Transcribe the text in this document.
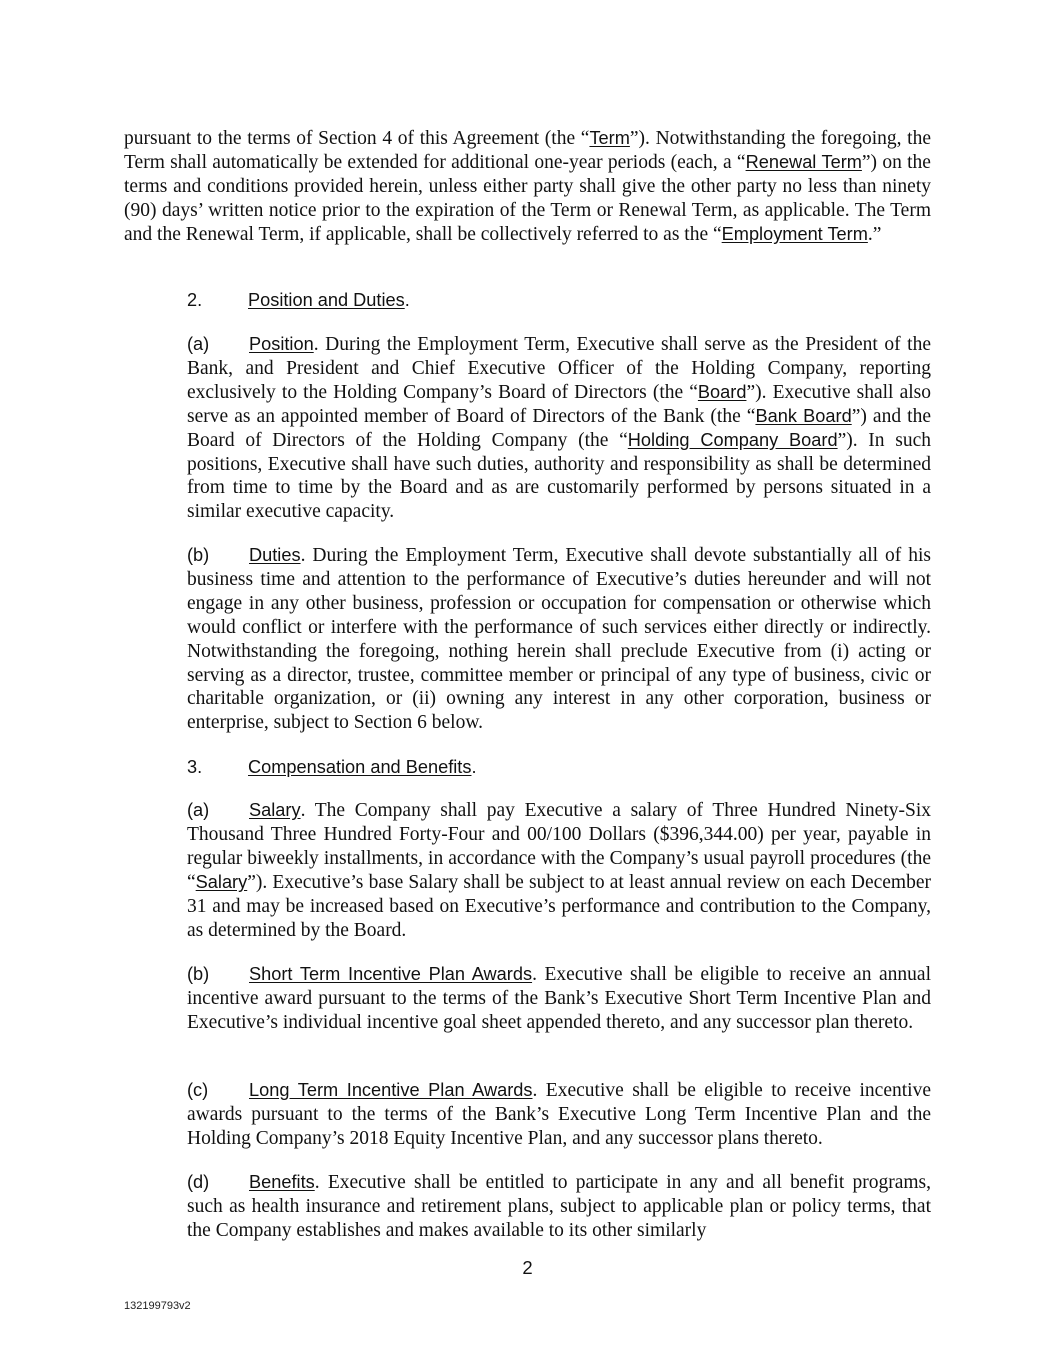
pursuant to the terms of Section 4 of this Agreement (the “Term”). Notwithstanding the foregoing, the Term shall automatically be extended for additional one-year periods (each, a “Renewal Term”) on the terms and conditions provided herein, unless either party shall give the other party no less than ninety (90) days’ written notice prior to the expiration of the Term or Renewal Term, as applicable. The Term and the Renewal Term, if applicable, shall be collectively referred to as the “Employment Term.”

2.	Position and Duties.

(a) Position. During the Employment Term, Executive shall serve as the President of the Bank, and President and Chief Executive Officer of the Holding Company, reporting exclusively to the Holding Company’s Board of Directors (the “Board”). Executive shall also serve as an appointed member of Board of Directors of the Bank (the “Bank Board”) and the Board of Directors of the Holding Company (the “Holding Company Board”). In such positions, Executive shall have such duties, authority and responsibility as shall be determined from time to time by the Board and as are customarily performed by persons situated in a similar executive capacity.

(b) Duties. During the Employment Term, Executive shall devote substantially all of his business time and attention to the performance of Executive’s duties hereunder and will not engage in any other business, profession or occupation for compensation or otherwise which would conflict or interfere with the performance of such services either directly or indirectly. Notwithstanding the foregoing, nothing herein shall preclude Executive from (i) acting or serving as a director, trustee, committee member or principal of any type of business, civic or charitable organization, or (ii) owning any interest in any other corporation, business or enterprise, subject to Section 6 below.

3.	Compensation and Benefits.

(a) Salary. The Company shall pay Executive a salary of Three Hundred Ninety-Six Thousand Three Hundred Forty-Four and 00/100 Dollars ($396,344.00) per year, payable in regular biweekly installments, in accordance with the Company’s usual payroll procedures (the “Salary”). Executive’s base Salary shall be subject to at least annual review on each December 31 and may be increased based on Executive’s performance and contribution to the Company, as determined by the Board.

(b) Short Term Incentive Plan Awards. Executive shall be eligible to receive an annual incentive award pursuant to the terms of the Bank’s Executive Short Term Incentive Plan and Executive’s individual incentive goal sheet appended thereto, and any successor plan thereto.

(c) Long Term Incentive Plan Awards. Executive shall be eligible to receive incentive awards pursuant to the terms of the Bank’s Executive Long Term Incentive Plan and the Holding Company’s 2018 Equity Incentive Plan, and any successor plans thereto.

(d) Benefits. Executive shall be entitled to participate in any and all benefit programs, such as health insurance and retirement plans, subject to applicable plan or policy terms, that the Company establishes and makes available to its other similarly

2
132199793v2
